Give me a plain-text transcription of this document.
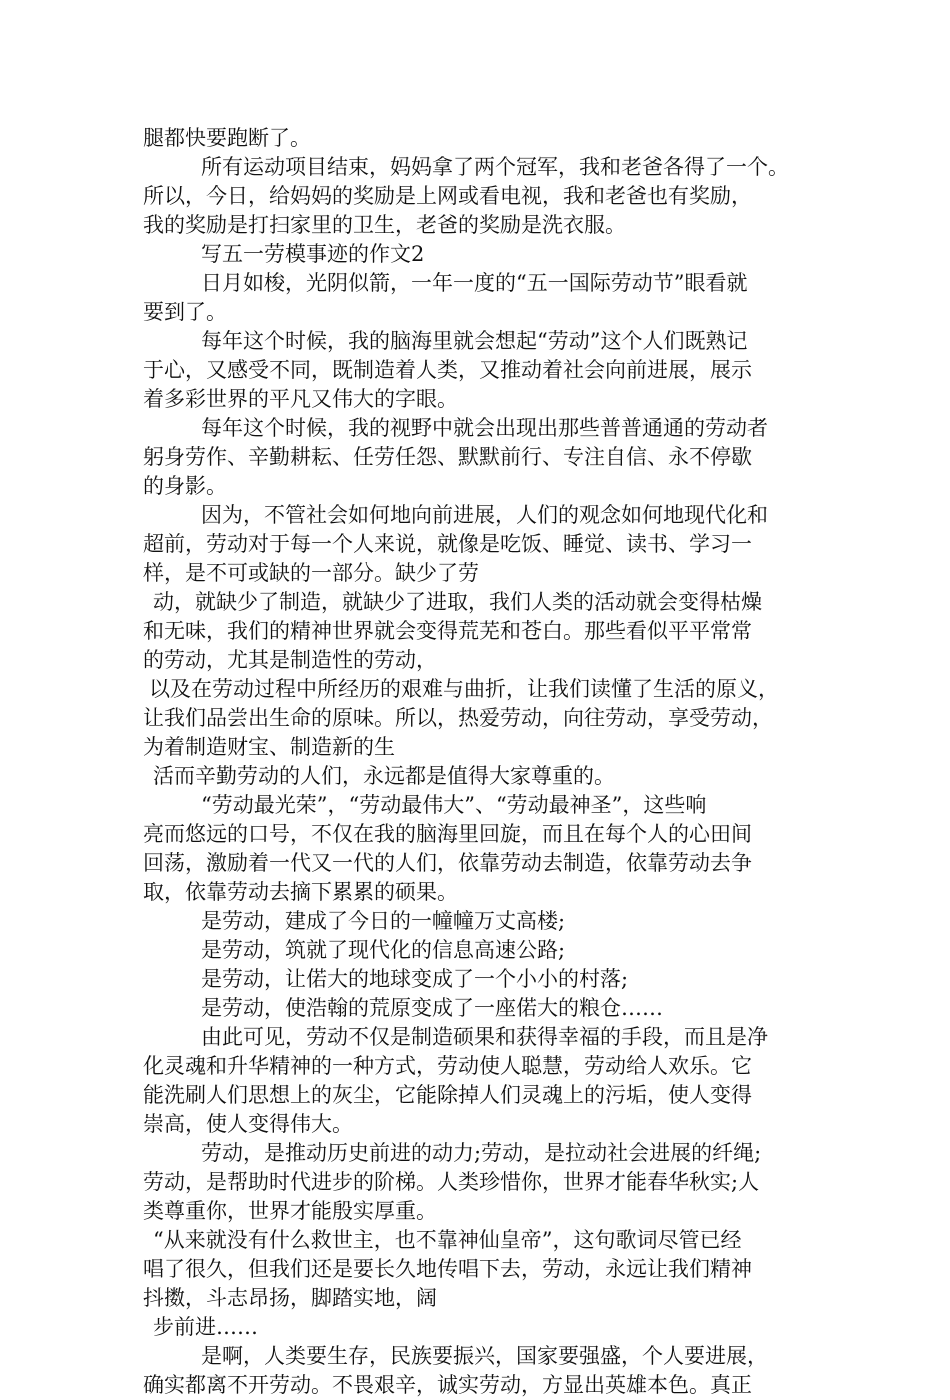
腿都快要跑断了。
所有运动项目结束，妈妈拿了两个冠军，我和老爸各得了一个。
所以，今日，给妈妈的奖励是上网或看电视，我和老爸也有奖励，
我的奖励是打扫家里的卫生，老爸的奖励是洗衣服。
写五一劳模事迹的作文2
日月如梭，光阴似箭，一年一度的“五一国际劳动节”眼看就
要到了。
每年这个时候，我的脑海里就会想起“劳动”这个人们既熟记
于心，又感受不同，既制造着人类，又推动着社会向前进展，展示
着多彩世界的平凡又伟大的字眼。
每年这个时候，我的视野中就会出现出那些普普通通的劳动者
躬身劳作、辛勤耕耘、任劳任怨、默默前行、专注自信、永不停歇
的身影。
因为，不管社会如何地向前进展，人们的观念如何地现代化和
超前，劳动对于每一个人来说，就像是吃饭、睡觉、读书、学习一
样，是不可或缺的一部分。缺少了劳
动，就缺少了制造，就缺少了进取，我们人类的活动就会变得枯燥
和无味，我们的精神世界就会变得荒芜和苍白。那些看似平平常常
的劳动，尤其是制造性的劳动，
以及在劳动过程中所经历的艰难与曲折，让我们读懂了生活的原义，
让我们品尝出生命的原味。所以，热爱劳动，向往劳动，享受劳动，
为着制造财宝、制造新的生
活而辛勤劳动的人们，永远都是值得大家尊重的。
“劳动最光荣”，“劳动最伟大”、“劳动最神圣”，这些响
亮而悠远的口号，不仅在我的脑海里回旋，而且在每个人的心田间
回荡，激励着一代又一代的人们，依靠劳动去制造，依靠劳动去争
取，依靠劳动去摘下累累的硕果。
是劳动，建成了今日的一幢幢万丈高楼;
是劳动，筑就了现代化的信息高速公路;
是劳动，让偌大的地球变成了一个小小的村落;
是劳动，使浩翰的荒原变成了一座偌大的粮仓……
由此可见，劳动不仅是制造硕果和获得幸福的手段，而且是净
化灵魂和升华精神的一种方式，劳动使人聪慧，劳动给人欢乐。它
能洗刷人们思想上的灰尘，它能除掉人们灵魂上的污垢，使人变得
崇高，使人变得伟大。
劳动，是推动历史前进的动力;劳动，是拉动社会进展的纤绳;
劳动，是帮助时代进步的阶梯。人类珍惜你，世界才能春华秋实;人
类尊重你，世界才能殷实厚重。
“从来就没有什么救世主，也不靠神仙皇帝”，这句歌词尽管已经
唱了很久，但我们还是要长久地传唱下去，劳动，永远让我们精神
抖擞，斗志昂扬，脚踏实地，阔
步前进……
是啊，人类要生存，民族要振兴，国家要强盛，个人要进展，
确实都离不开劳动。不畏艰辛，诚实劳动，方显出英雄本色。真正
